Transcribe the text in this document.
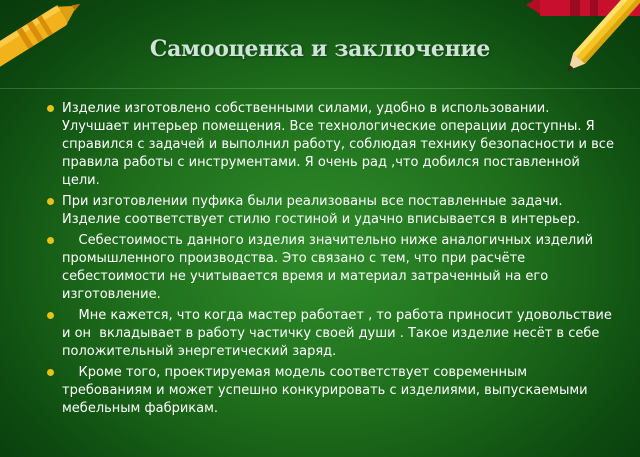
Самооценка и заключение
Изделие изготовлено собственными силами, удобно в использовании. Улучшает интерьер помещения. Все технологические операции доступны. Я справился с задачей и выполнил работу, соблюдая технику безопасности и все правила работы с инструментами. Я очень рад ,что добился поставленной цели.
При изготовлении пуфика были реализованы все поставленные задачи. Изделие соответствует стилю гостиной и удачно вписывается в интерьер.
Себестоимость данного изделия значительно ниже аналогичных изделий промышленного производства. Это связано с тем, что при расчёте себестоимости не учитывается время и материал затраченный на его изготовление.
Мне кажется, что когда мастер работает , то работа приносит удовольствие и он  вкладывает в работу частичку своей души . Такое изделие несёт в себе положительный энергетический заряд.
Кроме того, проектируемая модель соответствует современным требованиям и может успешно конкурировать с изделиями, выпускаемыми мебельным фабрикам.
